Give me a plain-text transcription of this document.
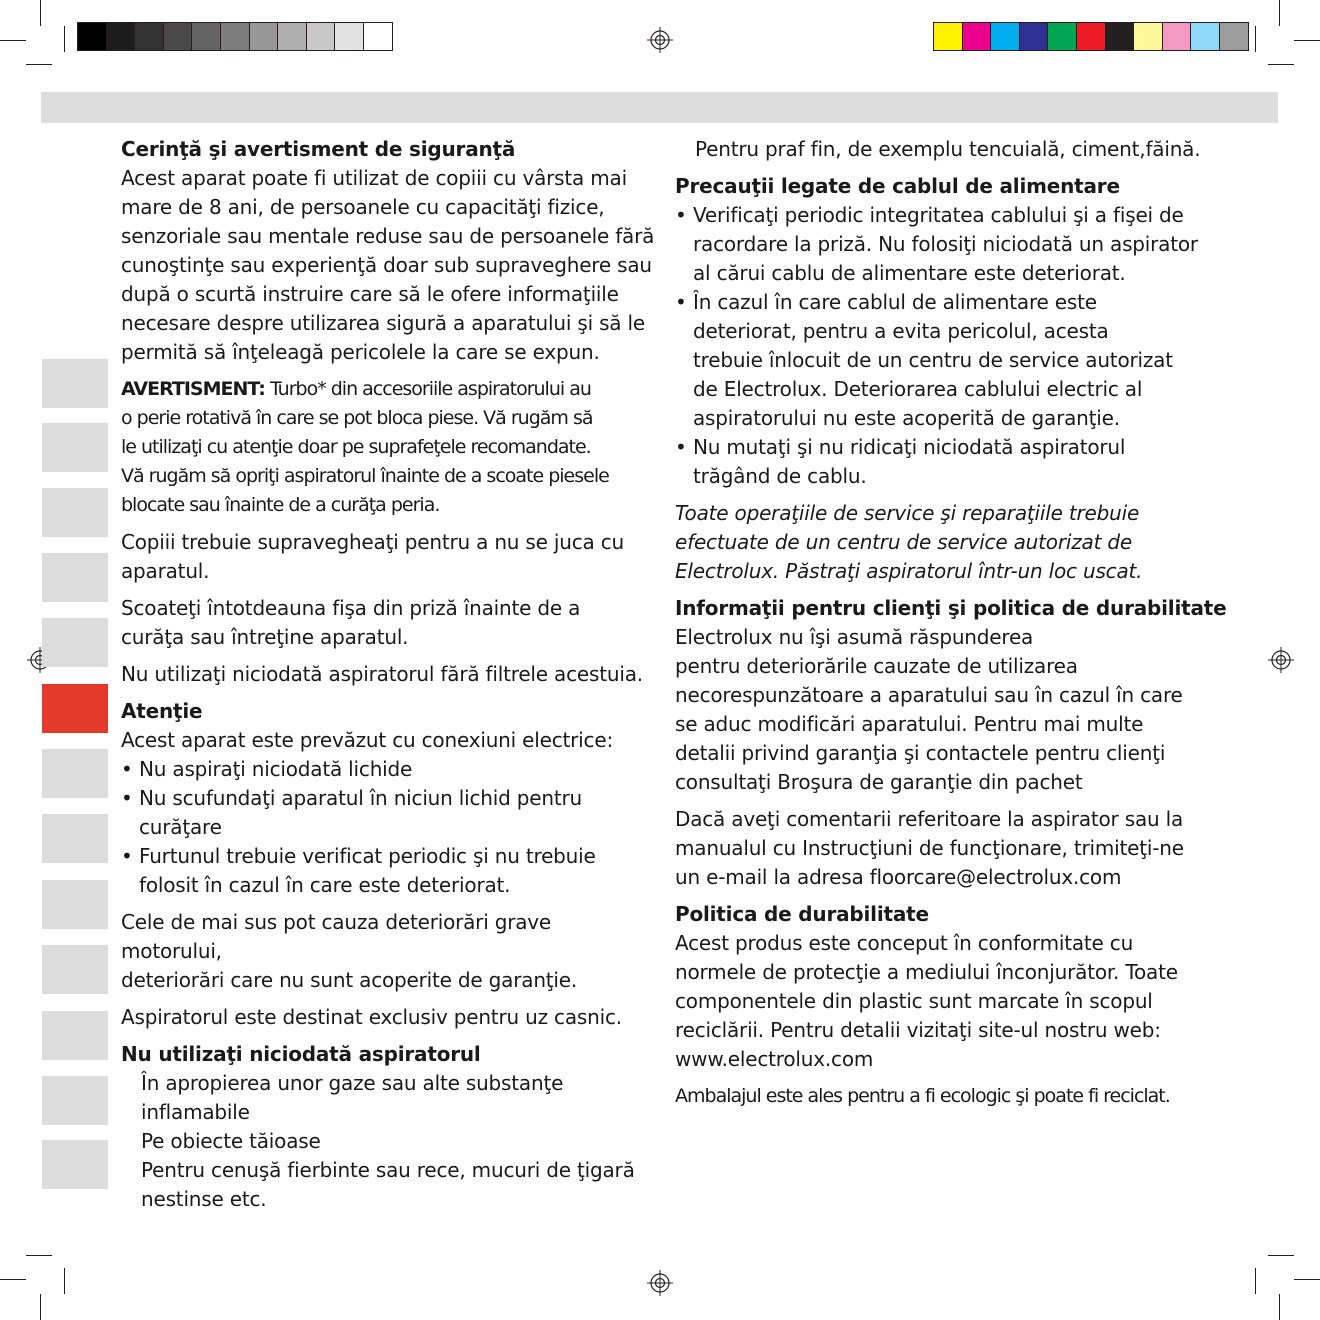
Cerinţă şi avertisment de siguranţă

Acest aparat poate fi utilizat de copiii cu vârsta mai

mare de 8 ani, de persoanele cu capacităţi fizice,

senzoriale sau mentale reduse sau de persoanele fără

cunoştinţe sau experienţă doar sub supraveghere sau

după o scurtă instruire care să le ofere informaţiile

necesare despre utilizarea sigură a aparatului şi să le

permită să înţeleagă pericolele la care se expun.

AVERTISMENT: Turbo* din accesoriile aspiratorului au

o perie rotativă în care se pot bloca piese. Vă rugăm să

le utilizaţi cu atenţie doar pe suprafeţele recomandate.

Vă rugăm să opriţi aspiratorul înainte de a scoate piesele

blocate sau înainte de a curăţa peria.

Copiii trebuie supravegheaţi pentru a nu se juca cu

aparatul.

Scoateţi întotdeauna fişa din priză înainte de a

curăţa sau întreţine aparatul.

Nu utilizaţi niciodată aspiratorul fără filtrele acestuia.

Atenţie

Acest aparat este prevăzut cu conexiuni electrice:

• Nu aspiraţi niciodată lichide
• Nu scufundaţi aparatul în niciun lichid pentru
curăţare
• Furtunul trebuie verificat periodic şi nu trebuie
folosit în cazul în care este deteriorat.

Cele de mai sus pot cauza deteriorări grave motorului,

deteriorări care nu sunt acoperite de garanţie.

Aspiratorul este destinat exclusiv pentru uz casnic.

Nu utilizaţi niciodată aspiratorul

În apropierea unor gaze sau alte substanţe

inflamabile

Pe obiecte tăioase

Pentru cenuşă fierbinte sau rece, mucuri de ţigară

nestinse etc.

Pentru praf fin, de exemplu tencuială, ciment,făină.

Precauţii legate de cablul de alimentare

• Verificaţi periodic integritatea cablului şi a fişei de
racordare la priză. Nu folosiţi niciodată un aspirator
al cărui cablu de alimentare este deteriorat.
• În cazul în care cablul de alimentare este
deteriorat, pentru a evita pericolul, acesta
trebuie înlocuit de un centru de service autorizat
de Electrolux. Deteriorarea cablului electric al
aspiratorului nu este acoperită de garanţie.
• Nu mutaţi şi nu ridicaţi niciodată aspiratorul
trăgând de cablu.

Toate operaţiile de service şi reparaţiile trebuie

efectuate de un centru de service autorizat de

Electrolux. Păstraţi aspiratorul într-un loc uscat.

Informaţii pentru clienţi şi politica de durabilitate

Electrolux nu îşi asumă răspunderea

pentru deteriorările cauzate de utilizarea

necorespunzătoare a aparatului sau în cazul în care

se aduc modificări aparatului. Pentru mai multe

detalii privind garanţia şi contactele pentru clienţi

consultaţi Broşura de garanţie din pachet

Dacă aveţi comentarii referitoare la aspirator sau la

manualul cu Instrucţiuni de funcţionare, trimiteţi-ne

un e-mail la adresa floorcare@electrolux.com

Politica de durabilitate

Acest produs este conceput în conformitate cu

normele de protecţie a mediului înconjurător. Toate

componentele din plastic sunt marcate în scopul

reciclării. Pentru detalii vizitaţi site-ul nostru web:

www.electrolux.com

Ambalajul este ales pentru a fi ecologic şi poate fi reciclat.
